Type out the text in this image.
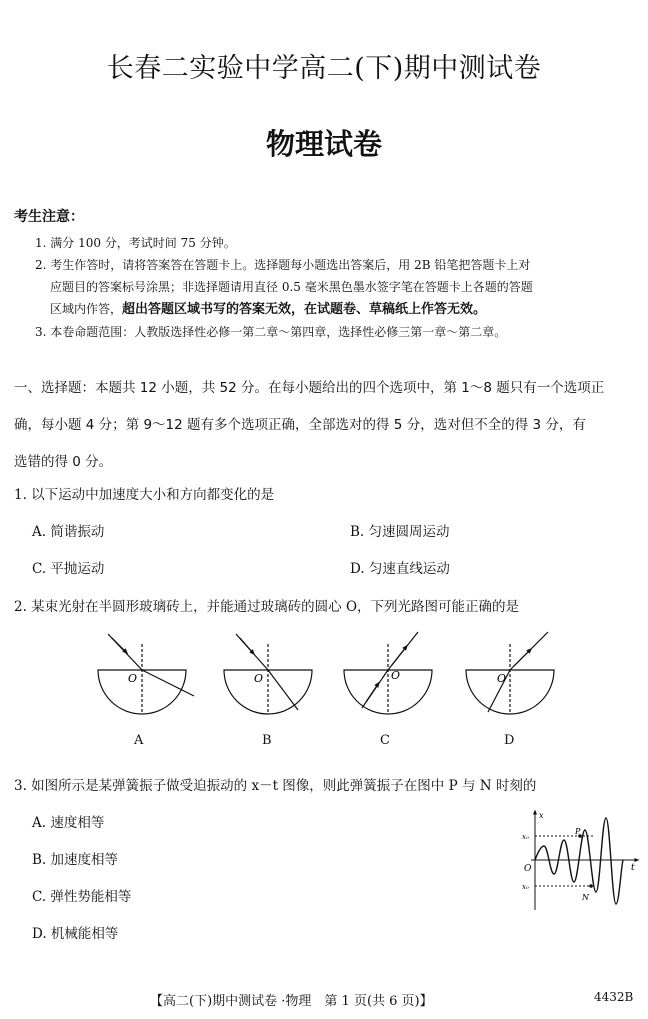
长春二实验中学高二(下)期中测试卷
物理试卷
考生注意：

1. 满分 100 分，考试时间 75 分钟。

2. 考生作答时，请将答案答在答题卡上。选择题每小题选出答案后，用 2B 铅笔把答题卡上对

应题目的答案标号涂黑；非选择题请用直径 0.5 毫米黑色墨水签字笔在答题卡上各题的答题

区域内作答，超出答题区域书写的答案无效，在试题卷、草稿纸上作答无效。

3. 本卷命题范围：人教版选择性必修一第二章～第四章，选择性必修三第一章～第二章。

一、选择题：本题共 12 小题，共 52 分。在每小题给出的四个选项中，第 1～8 题只有一个选项正
确，每小题 4 分；第 9～12 题有多个选项正确，全部选对的得 5 分，选对但不全的得 3 分，有
选错的得 0 分。
1. 以下运动中加速度大小和方向都变化的是
A. 简谐振动	B. 匀速圆周运动
C. 平抛运动	D. 匀速直线运动
2. 某束光射在半圆形玻璃砖上，并能通过玻璃砖的圆心 O，下列光路图可能正确的是
O	O	O	O
A	B	C	D
3. 如图所示是某弹簧振子做受迫振动的 x－t 图像，则此弹簧振子在图中 P 与 N 时刻的
A. 速度相等
B. 加速度相等
C. 弹性势能相等
D. 机械能相等
x
t
O
x₀
x₀
P
N
【高二(下)期中测试卷 ·物理　第 1 页(共 6 页)】	4432B
